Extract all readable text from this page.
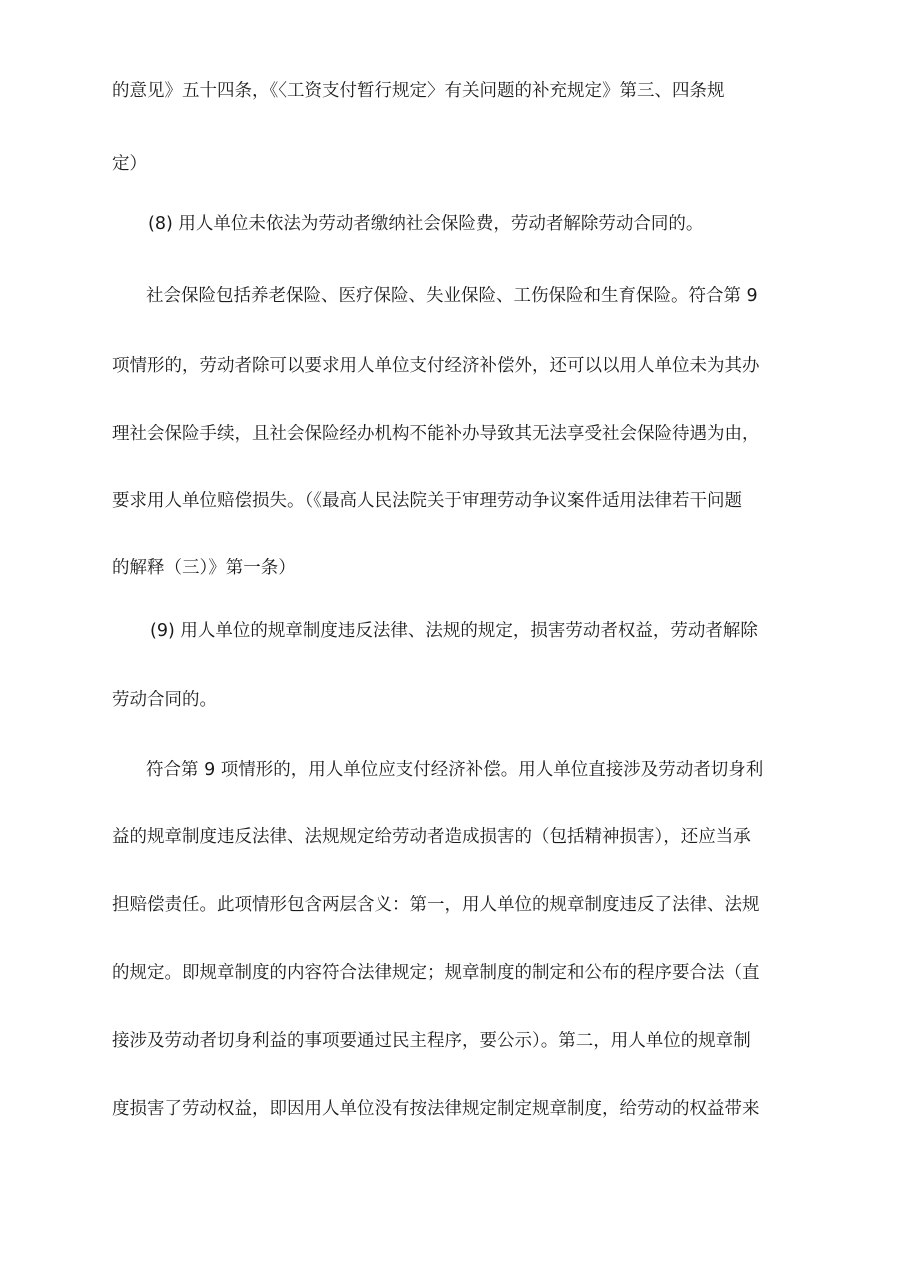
的意见》五十四条，《〈工资支付暂行规定〉有关问题的补充规定》第三、四条规
定）
(8) 用人单位未依法为劳动者缴纳社会保险费，劳动者解除劳动合同的。
社会保险包括养老保险、医疗保险、失业保险、工伤保险和生育保险。符合第 9
项情形的，劳动者除可以要求用人单位支付经济补偿外，还可以以用人单位未为其办
理社会保险手续，且社会保险经办机构不能补办导致其无法享受社会保险待遇为由，
要求用人单位赔偿损失。（《最高人民法院关于审理劳动争议案件适用法律若干问题
的解释（三）》第一条）
(9) 用人单位的规章制度违反法律、法规的规定，损害劳动者权益，劳动者解除
劳动合同的。
符合第 9 项情形的，用人单位应支付经济补偿。用人单位直接涉及劳动者切身利
益的规章制度违反法律、法规规定给劳动者造成损害的（包括精神损害），还应当承
担赔偿责任。此项情形包含两层含义：第一，用人单位的规章制度违反了法律、法规
的规定。即规章制度的内容符合法律规定；规章制度的制定和公布的程序要合法（直
接涉及劳动者切身利益的事项要通过民主程序，要公示）。第二，用人单位的规章制
度损害了劳动权益，即因用人单位没有按法律规定制定规章制度，给劳动的权益带来
